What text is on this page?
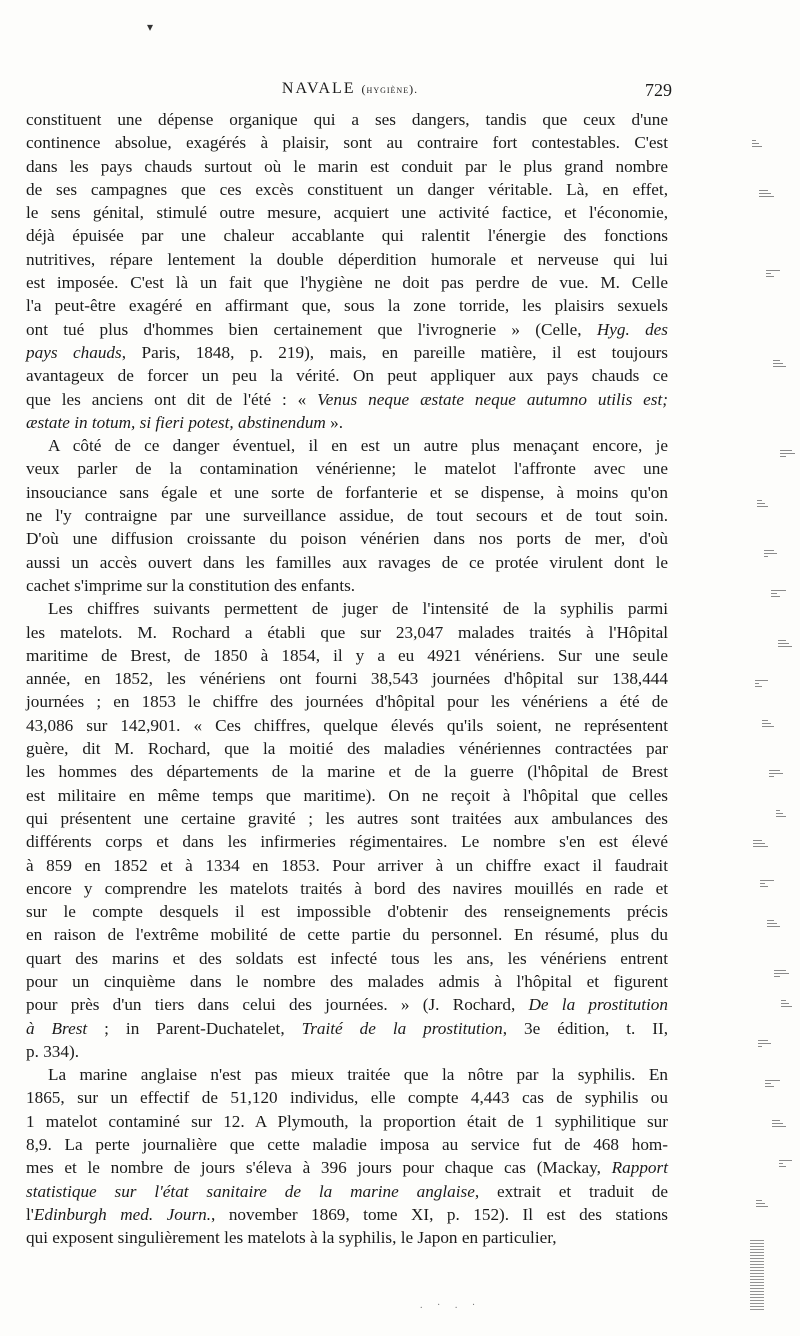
▾
NAVALE (hygiène).	729
constituent une dépense organique qui a ses dangers, tandis que ceux d'une
continence absolue, exagérés à plaisir, sont au contraire fort contestables. C'est
dans les pays chauds surtout où le marin est conduit par le plus grand nombre
de ses campagnes que ces excès constituent un danger véritable. Là, en effet,
le sens génital, stimulé outre mesure, acquiert une activité factice, et l'économie,
déjà épuisée par une chaleur accablante qui ralentit l'énergie des fonctions
nutritives, répare lentement la double déperdition humorale et nerveuse qui lui
est imposée. C'est là un fait que l'hygiène ne doit pas perdre de vue. M. Celle
l'a peut-être exagéré en affirmant que, sous la zone torride, les plaisirs sexuels
ont tué plus d'hommes bien certainement que l'ivrognerie » (Celle, Hyg. des
pays chauds, Paris, 1848, p. 219), mais, en pareille matière, il est toujours
avantageux de forcer un peu la vérité. On peut appliquer aux pays chauds ce
que les anciens ont dit de l'été : « Venus neque æstate neque autumno utilis est;
æstate in totum, si fieri potest, abstinendum ».
A côté de ce danger éventuel, il en est un autre plus menaçant encore, je
veux parler de la contamination vénérienne; le matelot l'affronte avec une
insouciance sans égale et une sorte de forfanterie et se dispense, à moins qu'on
ne l'y contraigne par une surveillance assidue, de tout secours et de tout soin.
D'où une diffusion croissante du poison vénérien dans nos ports de mer, d'où
aussi un accès ouvert dans les familles aux ravages de ce protée virulent dont le
cachet s'imprime sur la constitution des enfants.
Les chiffres suivants permettent de juger de l'intensité de la syphilis parmi
les matelots. M. Rochard a établi que sur 23,047 malades traités à l'Hôpital
maritime de Brest, de 1850 à 1854, il y a eu 4921 vénériens. Sur une seule
année, en 1852, les vénériens ont fourni 38,543 journées d'hôpital sur 138,444
journées ; en 1853 le chiffre des journées d'hôpital pour les vénériens a été de
43,086 sur 142,901. « Ces chiffres, quelque élevés qu'ils soient, ne représentent
guère, dit M. Rochard, que la moitié des maladies vénériennes contractées par
les hommes des départements de la marine et de la guerre (l'hôpital de Brest
est militaire en même temps que maritime). On ne reçoit à l'hôpital que celles
qui présentent une certaine gravité ; les autres sont traitées aux ambulances des
différents corps et dans les infirmeries régimentaires. Le nombre s'en est élevé
à 859 en 1852 et à 1334 en 1853. Pour arriver à un chiffre exact il faudrait
encore y comprendre les matelots traités à bord des navires mouillés en rade et
sur le compte desquels il est impossible d'obtenir des renseignements précis
en raison de l'extrême mobilité de cette partie du personnel. En résumé, plus du
quart des marins et des soldats est infecté tous les ans, les vénériens entrent
pour un cinquième dans le nombre des malades admis à l'hôpital et figurent
pour près d'un tiers dans celui des journées. » (J. Rochard, De la prostitution
à Brest ; in Parent-Duchatelet, Traité de la prostitution, 3e édition, t. II,
p. 334).
La marine anglaise n'est pas mieux traitée que la nôtre par la syphilis. En
1865, sur un effectif de 51,120 individus, elle compte 4,443 cas de syphilis ou
1 matelot contaminé sur 12. A Plymouth, la proportion était de 1 syphilitique sur
8,9. La perte journalière que cette maladie imposa au service fut de 468 hom-
mes et le nombre de jours s'éleva à 396 jours pour chaque cas (Mackay, Rapport
statistique sur l'état sanitaire de la marine anglaise, extrait et traduit de
l'Edinburgh med. Journ., november 1869, tome XI, p. 152). Il est des stations
qui exposent singulièrement les matelots à la syphilis, le Japon en particulier,
. · . ·
